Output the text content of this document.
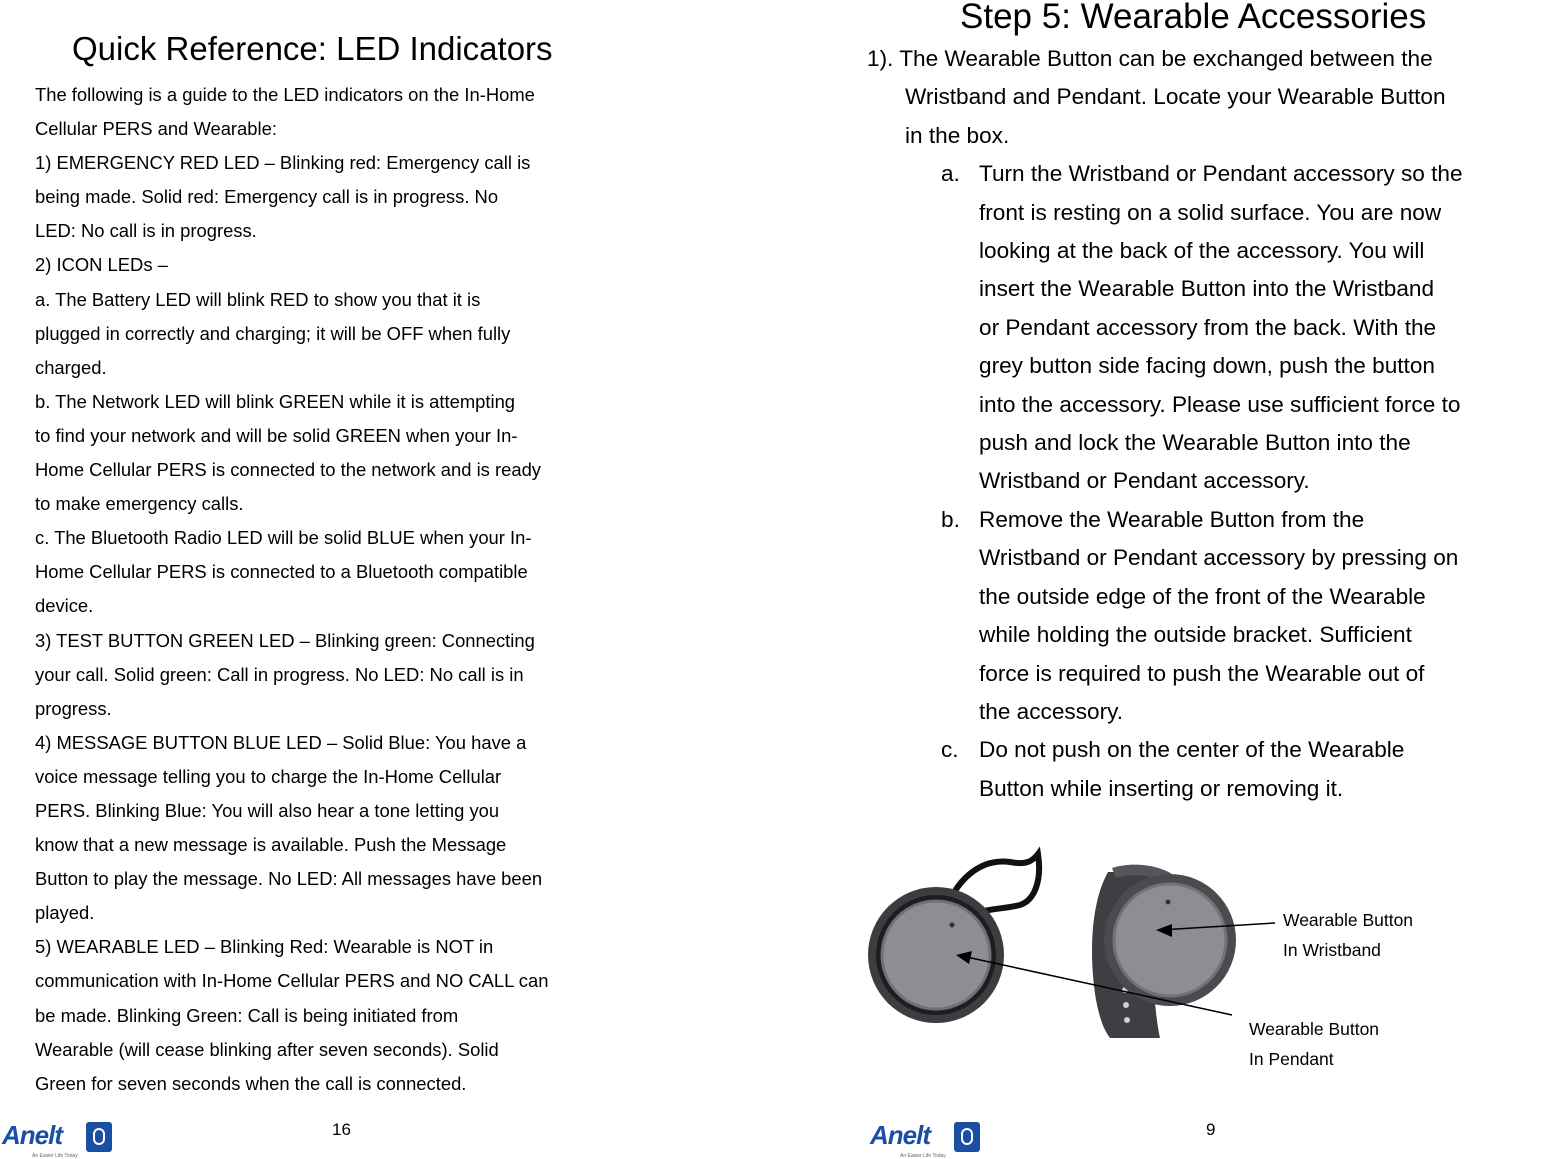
Quick Reference: LED Indicators

The following is a guide to the LED indicators on the In-Home

Cellular PERS and Wearable:

1) EMERGENCY RED LED – Blinking red: Emergency call is

being made. Solid red: Emergency call is in progress. No

LED: No call is in progress.

2) ICON LEDs –

a. The Battery LED will blink RED to show you that it is

plugged in correctly and charging; it will be OFF when fully

charged.

b. The Network LED will blink GREEN while it is attempting

to find your network and will be solid GREEN when your In-

Home Cellular PERS is connected to the network and is ready

to make emergency calls.

c. The Bluetooth Radio LED will be solid BLUE when your In-

Home Cellular PERS is connected to a Bluetooth compatible

device.

3) TEST BUTTON GREEN LED – Blinking green: Connecting

your call. Solid green: Call in progress. No LED: No call is in

progress.

4) MESSAGE BUTTON BLUE LED – Solid Blue: You have a

voice message telling you to charge the In-Home Cellular

PERS. Blinking Blue: You will also hear a tone letting you

know that a new message is available. Push the Message

Button to play the message. No LED: All messages have been

played.

5) WEARABLE LED – Blinking Red: Wearable is NOT in

communication with In-Home Cellular PERS and NO CALL can

be made. Blinking Green: Call is being initiated from

Wearable (will cease blinking after seven seconds). Solid

Green for seven seconds when the call is connected.

Anelt
An Easier Life Today
16
Step 5: Wearable Accessories

1). The Wearable Button can be exchanged between the

Wristband and Pendant. Locate your Wearable Button

in the box.

a. Turn the Wristband or Pendant accessory so the

front is resting on a solid surface. You are now

looking at the back of the accessory. You will

insert the Wearable Button into the Wristband

or Pendant accessory from the back. With the

grey button side facing down, push the button

into the accessory. Please use sufficient force to

push and lock the Wearable Button into the

Wristband or Pendant accessory.

b. Remove the Wearable Button from the

Wristband or Pendant accessory by pressing on

the outside edge of the front of the Wearable

while holding the outside bracket. Sufficient

force is required to push the Wearable out of

the accessory.

c. Do not push on the center of the Wearable

Button while inserting or removing it.

Wearable Button
In Wristband
Wearable Button
In Pendant
Anelt
An Easier Life Today
9
